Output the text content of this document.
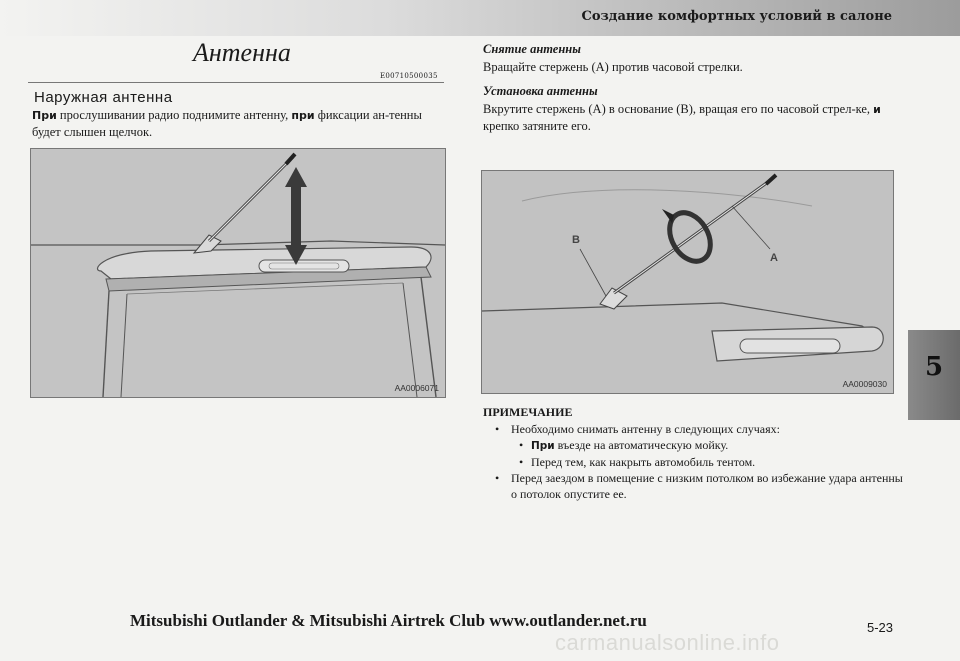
Создание комфортных условий в салоне
5
Антенна
E00710500035
Наружная антенна
При прослушивании радио поднимите антенну, при фиксации ан-тенны будет слышен щелчок.
AA0006071
Снятие антенны
Вращайте стержень (A) против часовой стрелки.
Установка антенны
Вкрутите стержень (A) в основание (B), вращая его по часовой стрел-ке, и крепко затяните его.
B
A
AA0009030
ПРИМЕЧАНИЕ
• Необходимо снимать антенну в следующих случаях:
• При въезде на автоматическую мойку.
• Перед тем, как накрыть автомобиль тентом.
• Перед заездом в помещение с низким потолком во избежание удара антенны о потолок опустите ее.
Mitsubishi Outlander & Mitsubishi Airtrek Club www.outlander.net.ru	5-23
carmanualsonline.info
